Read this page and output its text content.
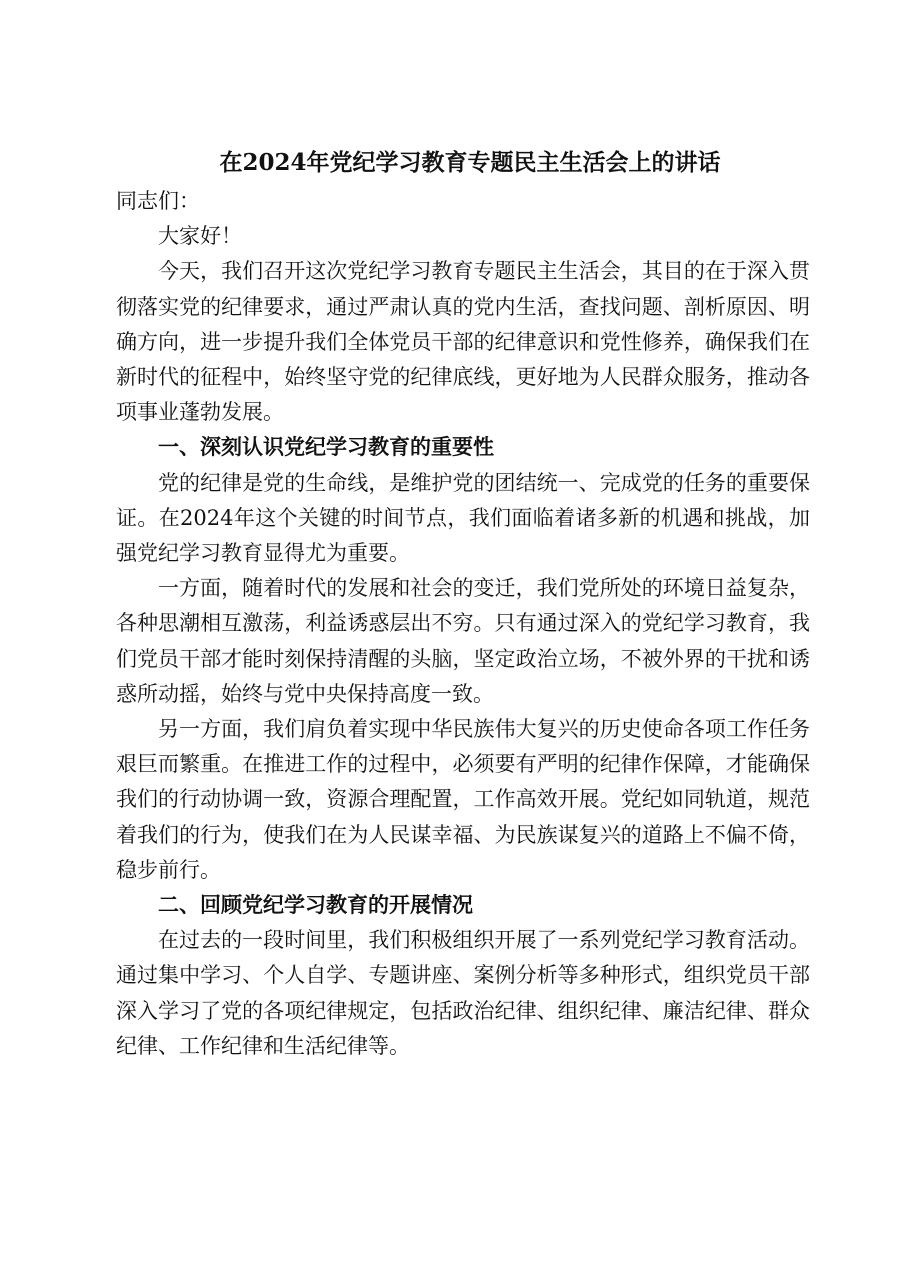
在2024年党纪学习教育专题民主生活会上的讲话

同志们：

大家好！

今天，我们召开这次党纪学习教育专题民主生活会，其目的在于深入贯彻落实党的纪律要求，通过严肃认真的党内生活，查找问题、剖析原因、明确方向，进一步提升我们全体党员干部的纪律意识和党性修养，确保我们在新时代的征程中，始终坚守党的纪律底线，更好地为人民群众服务，推动各项事业蓬勃发展。

一、深刻认识党纪学习教育的重要性

党的纪律是党的生命线，是维护党的团结统一、完成党的任务的重要保证。在2024年这个关键的时间节点，我们面临着诸多新的机遇和挑战，加强党纪学习教育显得尤为重要。

一方面，随着时代的发展和社会的变迁，我们党所处的环境日益复杂，各种思潮相互激荡，利益诱惑层出不穷。只有通过深入的党纪学习教育，我们党员干部才能时刻保持清醒的头脑，坚定政治立场，不被外界的干扰和诱惑所动摇，始终与党中央保持高度一致。

另一方面，我们肩负着实现中华民族伟大复兴的历史使命各项工作任务艰巨而繁重。在推进工作的过程中，必须要有严明的纪律作保障，才能确保我们的行动协调一致，资源合理配置，工作高效开展。党纪如同轨道，规范着我们的行为，使我们在为人民谋幸福、为民族谋复兴的道路上不偏不倚，稳步前行。

二、回顾党纪学习教育的开展情况

在过去的一段时间里，我们积极组织开展了一系列党纪学习教育活动。通过集中学习、个人自学、专题讲座、案例分析等多种形式，组织党员干部深入学习了党的各项纪律规定，包括政治纪律、组织纪律、廉洁纪律、群众纪律、工作纪律和生活纪律等。
